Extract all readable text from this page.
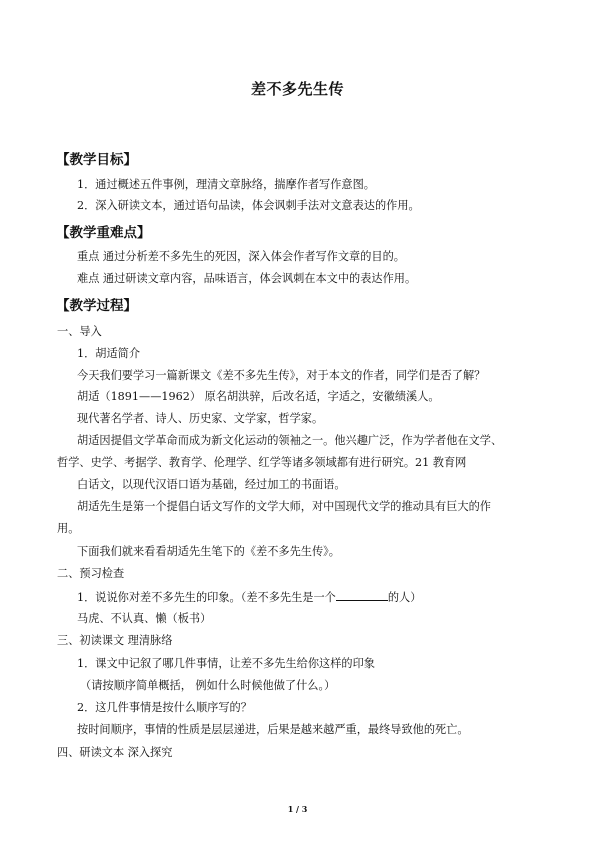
差不多先生传
【教学目标】
1．通过概述五件事例，理清文章脉络，揣摩作者写作意图。
2．深入研读文本，通过语句品读，体会讽刺手法对文意表达的作用。
【教学重难点】
重点 通过分析差不多先生的死因，深入体会作者写作文章的目的。
难点 通过研读文章内容，品味语言，体会讽刺在本文中的表达作用。
【教学过程】
一、导入
1．胡适简介
今天我们要学习一篇新课文《差不多先生传》，对于本文的作者，同学们是否了解？
胡适（1891——1962） 原名胡洪骍，后改名适，字适之，安徽绩溪人。
现代著名学者、诗人、历史家、文学家，哲学家。
胡适因提倡文学革命而成为新文化运动的领袖之一。他兴趣广泛，作为学者他在文学、
哲学、史学、考据学、教育学、伦理学、红学等诸多领域都有进行研究。21 教育网
白话文，以现代汉语口语为基础，经过加工的书面语。
胡适先生是第一个提倡白话文写作的文学大师，对中国现代文学的推动具有巨大的作
用。
下面我们就来看看胡适先生笔下的《差不多先生传》。
二、预习检查
1．说说你对差不多先生的印象。（差不多先生是一个	的人）
马虎、不认真、懒（板书）
三、初读课文 理清脉络
1．课文中记叙了哪几件事情，让差不多先生给你这样的印象
（请按顺序简单概括， 例如什么时候他做了什么。）
2．这几件事情是按什么顺序写的？
按时间顺序，事情的性质是层层递进，后果是越来越严重，最终导致他的死亡。
四、研读文本 深入探究
1 / 3
